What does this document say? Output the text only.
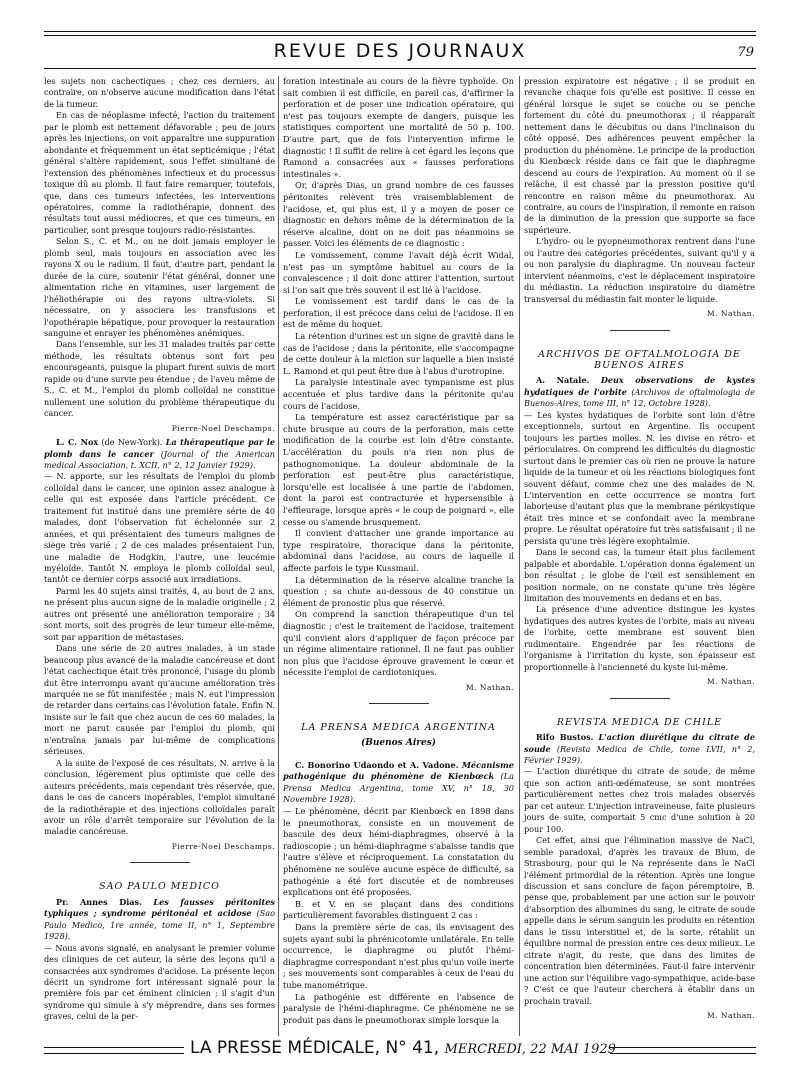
REVUE DES JOURNAUX	79

les sujets non cachectiques ; chez ces derniers, au contraire, on n'observe aucune modification dans l'état de la tumeur.

En cas de néoplasme infecté, l'action du traitement par le plomb est nettement défavorable ; peu de jours après les injections, on voit apparaître une suppuration abondante et fréquemment un état septicémique ; l'état général s'altère rapidement, sous l'effet simultané de l'extension des phénomènes infectieux et du processus toxique dû au plomb. Il faut faire remarquer, toutefois, que, dans ces tumeurs infectées, les interventions opératoires, comme la radiothérapie, donnent des résultats tout aussi médiocres, et que ces tumeurs, en particulier, sont presque toujours radio-résistantes.

Selon S., C. et M., on ne doit jamais employer le plomb seul, mais toujours en association avec les rayons X ou le radium. Il faut, d'autre part, pendant la durée de la cure, soutenir l'état général, donner une alimentation riche en vitamines, user largement de l'héliothérapie ou des rayons ultra-violets. Si nécessaire, on y associera les transfusions et l'opothérapie hépatique, pour provoquer la restauration sanguine et enrayer les phénomènes anémiques.

Dans l'ensemble, sur les 31 malades traités par cette méthode, les résultats obtenus sont fort peu encourageants, puisque la plupart furent suivis de mort rapide ou d'une survie peu étendue ; de l'aveu même de S., C. et M., l'emploi du plomb colloïdal ne constitue nullement une solution du problème thérapeutique du cancer.

Pierre-Noel Deschamps.

L. C. Nox (de New-York). La thérapeutique par le plomb dans le cancer (Journal of the American medical Association, t. XCII, n° 2, 12 Janvier 1929).

— N. apporte, sur les résultats de l'emploi du plomb colloïdal dans le cancer, une opinion assez analogue à celle qui est exposée dans l'article précédent. Ce traitement fut institué dans une première série de 40 malades, dont l'observation fut échelonnée sur 2 années, et qui présentaient des tumeurs malignes de siège très varié ; 2 de ces malades présentaient l'un, une maladie de Hodgkin, l'autre, une leucémie myéloïde. Tantôt N. employa le plomb colloïdal seul, tantôt ce dernier corps associé aux irradiations.

Parmi les 40 sujets ainsi traités, 4, au bout de 2 ans, ne présent plus aucun signe de la maladie originelle ; 2 autres ont présenté une amélioration temporaire ; 34 sont morts, soit des progrès de leur tumeur elle-même, soit par apparition de métastases.

Dans une série de 20 autres malades, à un stade beaucoup plus avancé de la maladie cancéreuse et dont l'état cachectique était très prononcé, l'usage du plomb dut être interrompu avant qu'aucune amélioration très marquée ne se fût manifestée ; mais N. eut l'impression de retarder dans certains cas l'évolution fatale. Enfin N. insiste sur le fait que chez aucun de ces 60 malades, la mort ne parut causée par l'emploi du plomb, qui n'entraîna jamais par lui-même de complications sérieuses.

A la suite de l'exposé de ces résultats, N. arrive à la conclusion, légèrement plus optimiste que celle des auteurs précédents, mais cependant très réservée, que, dans le cas de cancers inopérables, l'emploi simultané de la radiothérapie et des injections colloïdales paraît avoir un rôle d'arrêt temporaire sur l'évolution de la maladie cancéreuse.

Pierre-Noel Deschamps.

SAO PAULO MEDICO

Pr. Annes Dias. Les fausses péritonites typhiques ; syndrome péritonéal et acidose (Sao Paulo Medico, 1re année, tome II, n° 1, Septembre 1928).

— Nous avons signalé, en analysant le premier volume des cliniques de cet auteur, la série des leçons qu'il a consacrées aux syndromes d'acidose. La présente leçon décrit un syndrome fort intéressant signalé pour la première fois par cet éminent clinicien ; il s'agit d'un syndrome qui simule à s'y méprendre, dans ses formes graves, celui de la per-

foration intestinale au cours de la fièvre typhoïde. On sait combien il est difficile, en pareil cas, d'affirmer la perforation et de poser une indication opératoire, qui n'est pas toujours exempte de dangers, puisque les statistiques comportent une mortalité de 50 p. 100. D'autre part, que de fois l'intervention infirme le diagnostic ! Il suffit de relire à cet égard les leçons que Ramond a consacrées aux « fausses perforations intestinales ».

Or, d'après Dias, un grand nombre de ces fausses péritonites relèvent très vraisemblablement de l'acidose, et, qui plus est, il y a moyen de poser ce diagnostic en dehors même de la détermination de la réserve alcaline, dont on ne doit pas néanmoins se passer. Voici les éléments de ce diagnostic :

Le vomissement, comme l'avait déjà écrit Widal, n'est pas un symptôme habituel au cours de la convalescence ; il doit donc attirer l'attention, surtout si l'on sait que très souvent il est lié à l'acidose.

Le vomissement est tardif dans le cas de la perforation, il est précoce dans celui de l'acidose. Il en est de même du hoquet.

La rétention d'urines est un signe de gravité dans le cas de l'acidose ; dans la péritonite, elle s'accompagne de cette douleur à la miction sur laquelle a bien insisté L. Ramond et qui peut être due à l'abus d'urotropine.

La paralysie intestinale avec tympanisme est plus accentuée et plus tardive dans la péritonite qu'au cours de l'acidose.

La température est assez caractéristique par sa chute brusque au cours de la perforation, mais cette modification de la courbe est loin d'être constante. L'accélération du pouls n'a rien non plus de pathognomonique. La douleur abdominale de la perforation est peut-être plus caractéristique, lorsqu'elle est localisée à une partie de l'abdomen, dont la paroi est contracturée et hypersensible à l'effleurage, lorsque après « le coup de poignard », elle cesse ou s'amende brusquement.

Il convient d'attacher une grande importance au type respiratoire, thoracique dans la péritonite, abdominal dans l'acidose, au cours de laquelle il affecte parfois le type Kussmaul.

La détermination de la réserve alcaline tranche la question ; sa chute au-dessous de 40 constitue un élément de pronostic plus que réservé.

On comprend la sanction thérapeutique d'un tel diagnostic ; c'est le traitement de l'acidose, traitement qu'il convient alors d'appliquer de façon précoce par un régime alimentaire rationnel. Il ne faut pas oublier non plus que l'acidose éprouve gravement le cœur et nécessite l'emploi de cardiotoniques.

M. Nathan.

LA PRENSA MEDICA ARGENTINA
(Buenos Aires)

C. Bonorino Udaondo et A. Vadone. Mécanisme pathogénique du phénomène de Kienbœck (La Prensa Medica Argentina, tome XV, n° 18, 30 Novembre 1928).

— Le phénomène, décrit par Kienbœck en 1898 dans le pneumothorax, consiste en un mouvement de bascule des deux hémi-diaphragmes, observé à la radioscopie ; un hémi-diaphragme s'abaisse tandis que l'autre s'élève et réciproquement. La constatation du phénomène ne soulève aucune espèce de difficulté, sa pathogénie a été fort discutée et de nombreuses explications ont été proposées.

B. et V. en se plaçant dans des conditions particulièrement favorables distinguent 2 cas :

Dans la première série de cas, ils envisagent des sujets ayant subi la phrénicotomie unilatérale. En telle occurrence, le diaphragme ou plutôt l'hémi-diaphragme correspondant n'est plus qu'un voile inerte ; ses mouvements sont comparables à ceux de l'eau du tube manométrique.

La pathogénie est différente en l'absence de paralysie de l'hémi-diaphragme. Ce phénomène ne se produit pas dans le pneumothorax simple lorsque la

pression expiratoire est négative ; il se produit en revanche chaque fois qu'elle est positive. Il cesse en général lorsque le sujet se couche ou se penche fortement du côté du pneumothorax ; il réapparaît nettement dans le décubitus ou dans l'inclinaison du côté opposé. Des adhérences peuvent empêcher la production du phénomène. Le principe de la production du Kienbœck réside dans ce fait que le diaphragme descend au cours de l'expiration. Au moment où il se relâche, il est chassé par la pression positive qu'il rencontre en raison même du pneumothorax. Au contraire, au cours de l'inspiration, il remonte en raison de la diminution de la pression que supporte sa face supérieure.

L'hydro- ou le pyopneumothorax rentrent dans l'une ou l'autre des catégories précédentes, suivant qu'il y a ou non paralysie du diaphragme. Un nouveau facteur intervient néanmoins, c'est le déplacement inspiratoire du médiastin. La réduction inspiratoire du diamètre transversal du médiastin fait monter le liquide.

M. Nathan.

ARCHIVOS DE OFTALMOLOGIA DE BUENOS AIRES

A. Natale. Deux observations de kystes hydatiques de l'orbite (Archivos de oftalmologia de Buenos-Aires, tome III, n° 12, Octobre 1928).

— Les kystes hydatiques de l'orbite sont loin d'être exceptionnels, surtout en Argentine. Ils occupent toujours les parties molles. N. les divise en rétro- et périoculaires. On comprend les difficultés du diagnostic surtout dans le premier cas où rien ne prouve la nature liquide de la tumeur et où les réactions biologiques font souvent défaut, comme chez une des malades de N. L'intervention en cette occurrence se montra fort laborieuse d'autant plus que la membrane périkystique était très mince et se confondait avec la membrane propre. Le résultat opératoire fut très satisfaisant ; il ne persista qu'une très légère exophtalmie.

Dans le second cas, la tumeur était plus facilement palpable et abordable. L'opération donna également un bon résultat ; le globe de l'œil est sensiblement en position normale, on ne constate qu'une très légère limitation des mouvements en dedans et en bas.

La présence d'une adventice distingue les kystes hydatiques des autres kystes de l'orbite, mais au niveau de l'orbite, cette membrane est souvent bien rudimentaire. Engendrée par les réactions de l'organisme à l'irritation du kyste, son épaisseur est proportionnelle à l'ancienneté du kyste lui-même.

M. Nathan.

REVISTA MEDICA DE CHILE

Rifo Bustos. L'action diurétique du citrate de soude (Revista Medica de Chile, tome LVII, n° 2, Février 1929).

— L'action diurétique du citrate de soude, de même que son action anti-œdémateuse, se sont montrées particulièrement nettes chez trois malades observés par cet auteur. L'injection intraveineuse, faite plusieurs jours de suite, comportait 5 cmc d'une solution à 20 pour 100.

Cet effet, ainsi que l'élimination massive de NaCl, semble paradoxal, d'après les travaux de Blum, de Strasbourg, pour qui le Na représente dans le NaCl l'élément primordial de la rétention. Après une longue discussion et sans conclure de façon péremptoire, B. pense que, probablement par une action sur le pouvoir d'absorption des albumines du sang, le citrate de soude appelle dans le sérum sanguin les produits en rétention dans le tissu interstitiel et, de la sorte, rétablit un équilibre normal de pression entre ces deux milieux. Le citrate n'agit, du reste, que dans des limites de concentration bien déterminées. Faut-il faire intervenir une action sur l'équilibre vago-sympathique, acide-base ? C'est ce que l'auteur cherchera à établir dans un prochain travail.

M. Nathan.

LA PRESSE MÉDICALE, N° 41, MERCREDI, 22 MAI 1929
